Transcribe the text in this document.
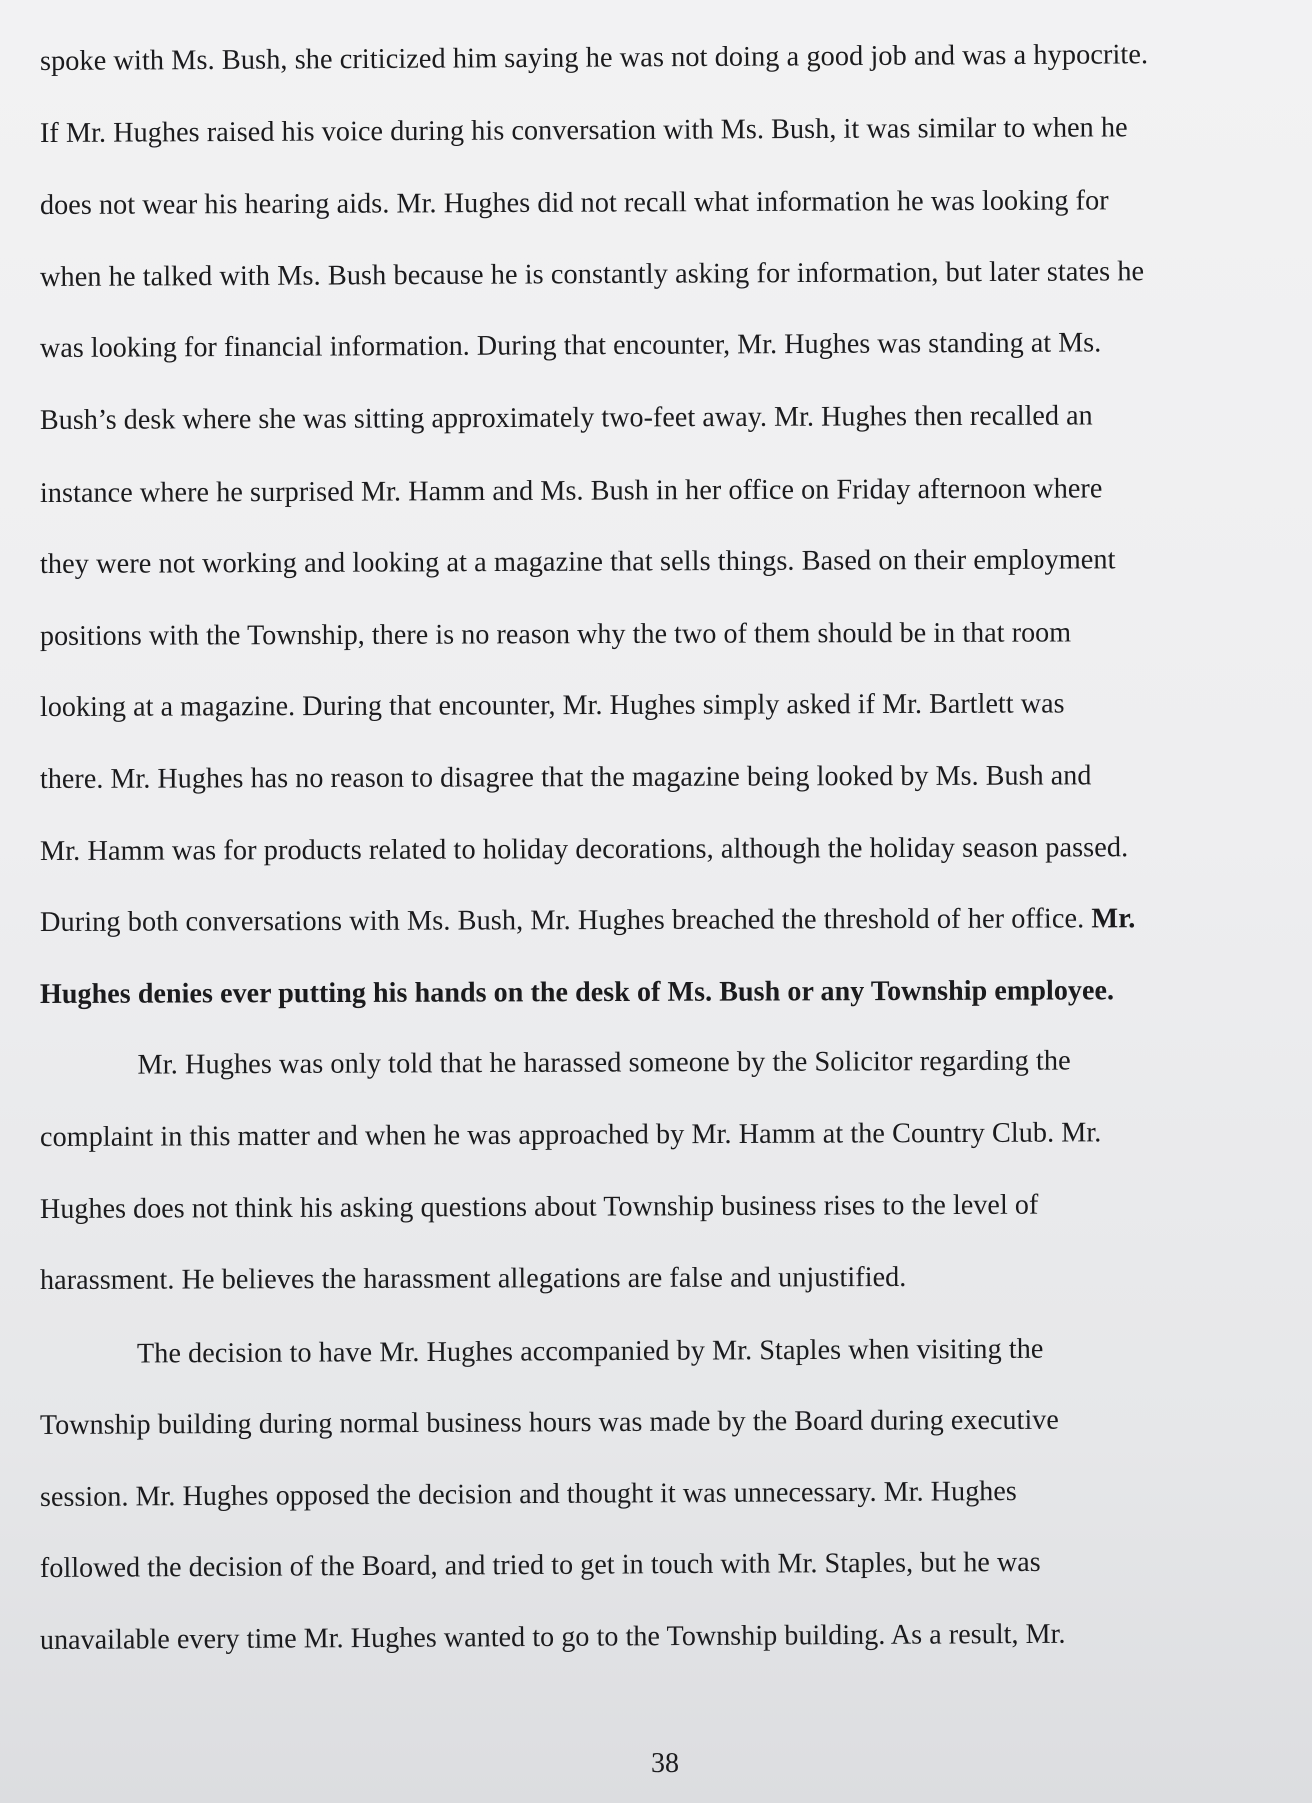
spoke with Ms. Bush, she criticized him saying he was not doing a good job and was a hypocrite.
If Mr. Hughes raised his voice during his conversation with Ms. Bush, it was similar to when he
does not wear his hearing aids. Mr. Hughes did not recall what information he was looking for
when he talked with Ms. Bush because he is constantly asking for information, but later states he
was looking for financial information. During that encounter, Mr. Hughes was standing at Ms.
Bush’s desk where she was sitting approximately two-feet away. Mr. Hughes then recalled an
instance where he surprised Mr. Hamm and Ms. Bush in her office on Friday afternoon where
they were not working and looking at a magazine that sells things. Based on their employment
positions with the Township, there is no reason why the two of them should be in that room
looking at a magazine. During that encounter, Mr. Hughes simply asked if Mr. Bartlett was
there. Mr. Hughes has no reason to disagree that the magazine being looked by Ms. Bush and
Mr. Hamm was for products related to holiday decorations, although the holiday season passed.
During both conversations with Ms. Bush, Mr. Hughes breached the threshold of her office. Mr.
Hughes denies ever putting his hands on the desk of Ms. Bush or any Township employee.
Mr. Hughes was only told that he harassed someone by the Solicitor regarding the
complaint in this matter and when he was approached by Mr. Hamm at the Country Club. Mr.
Hughes does not think his asking questions about Township business rises to the level of
harassment. He believes the harassment allegations are false and unjustified.
The decision to have Mr. Hughes accompanied by Mr. Staples when visiting the
Township building during normal business hours was made by the Board during executive
session. Mr. Hughes opposed the decision and thought it was unnecessary. Mr. Hughes
followed the decision of the Board, and tried to get in touch with Mr. Staples, but he was
unavailable every time Mr. Hughes wanted to go to the Township building. As a result, Mr.
38
